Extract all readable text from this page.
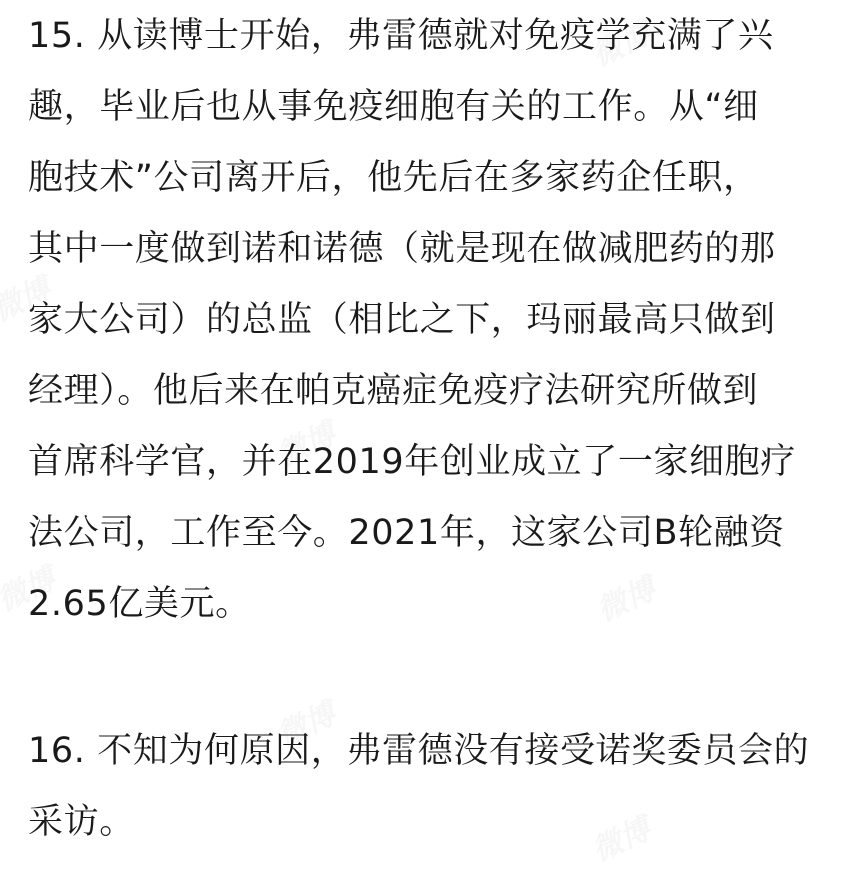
15. 从读博士开始，弗雷德就对免疫学充满了兴
趣，毕业后也从事免疫细胞有关的工作。从“细
胞技术”公司离开后，他先后在多家药企任职，
其中一度做到诺和诺德（就是现在做减肥药的那
家大公司）的总监（相比之下，玛丽最高只做到
经理）。他后来在帕克癌症免疫疗法研究所做到
首席科学官，并在2019年创业成立了一家细胞疗
法公司，工作至今。2021年，这家公司B轮融资
2.65亿美元。
16. 不知为何原因，弗雷德没有接受诺奖委员会的
采访。
